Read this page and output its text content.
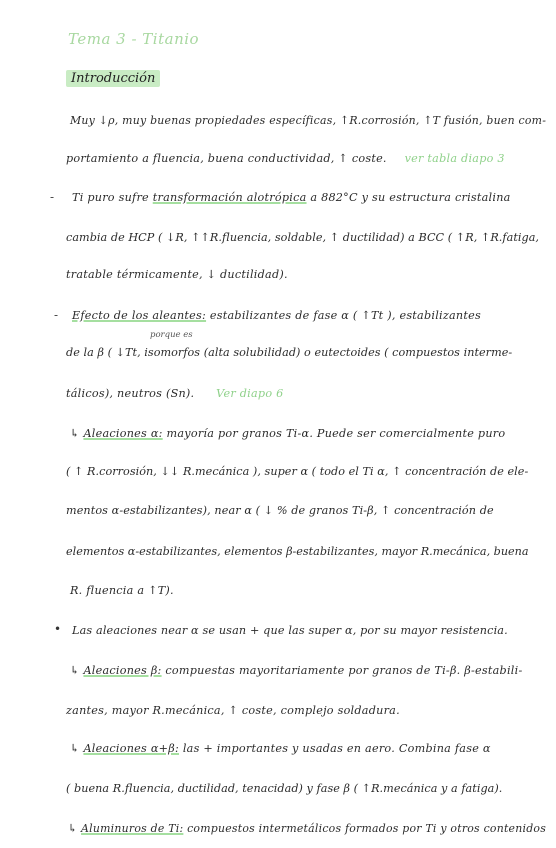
Tema 3 - Titanio
Introducción
Muy ↓ρ, muy buenas propiedades específicas, ↑R.corrosión, ↑T fusión, buen com-
portamiento a fluencia, buena conductividad, ↑ coste. ver tabla diapo 3
- Ti puro sufre transformación alotrópica a 882°C y su estructura cristalina
cambia de HCP ( ↓R, ↑↑R.fluencia, soldable, ↑ ductilidad) a BCC ( ↑R, ↑R.fatiga,
tratable térmicamente, ↓ ductilidad).
- Efecto de los aleantes: estabilizantes de fase α ( ↑Tt ), estabilizantes
porque es
de la β ( ↓Tt, isomorfos (alta solubilidad) o eutectoides ( compuestos interme-
tálicos), neutros (Sn). Ver diapo 6
↳ Aleaciones α: mayoría por granos Ti-α. Puede ser comercialmente puro
( ↑ R.corrosión, ↓↓ R.mecánica ), super α ( todo el Ti α, ↑ concentración de ele-
mentos α-estabilizantes), near α ( ↓ % de granos Ti-β, ↑ concentración de
elementos α-estabilizantes, elementos β-estabilizantes, mayor R.mecánica, buena
R. fluencia a ↑T).
• Las aleaciones near α se usan + que las super α, por su mayor resistencia.
↳ Aleaciones β: compuestas mayoritariamente por granos de Ti-β. β-estabili-
zantes, mayor R.mecánica, ↑ coste, complejo soldadura.
↳ Aleaciones α+β: las + importantes y usadas en aero. Combina fase α
( buena R.fluencia, ductilidad, tenacidad) y fase β ( ↑R.mecánica y a fatiga).
↳ Aluminuros de Ti: compuestos intermetálicos formados por Ti y otros contenidos
